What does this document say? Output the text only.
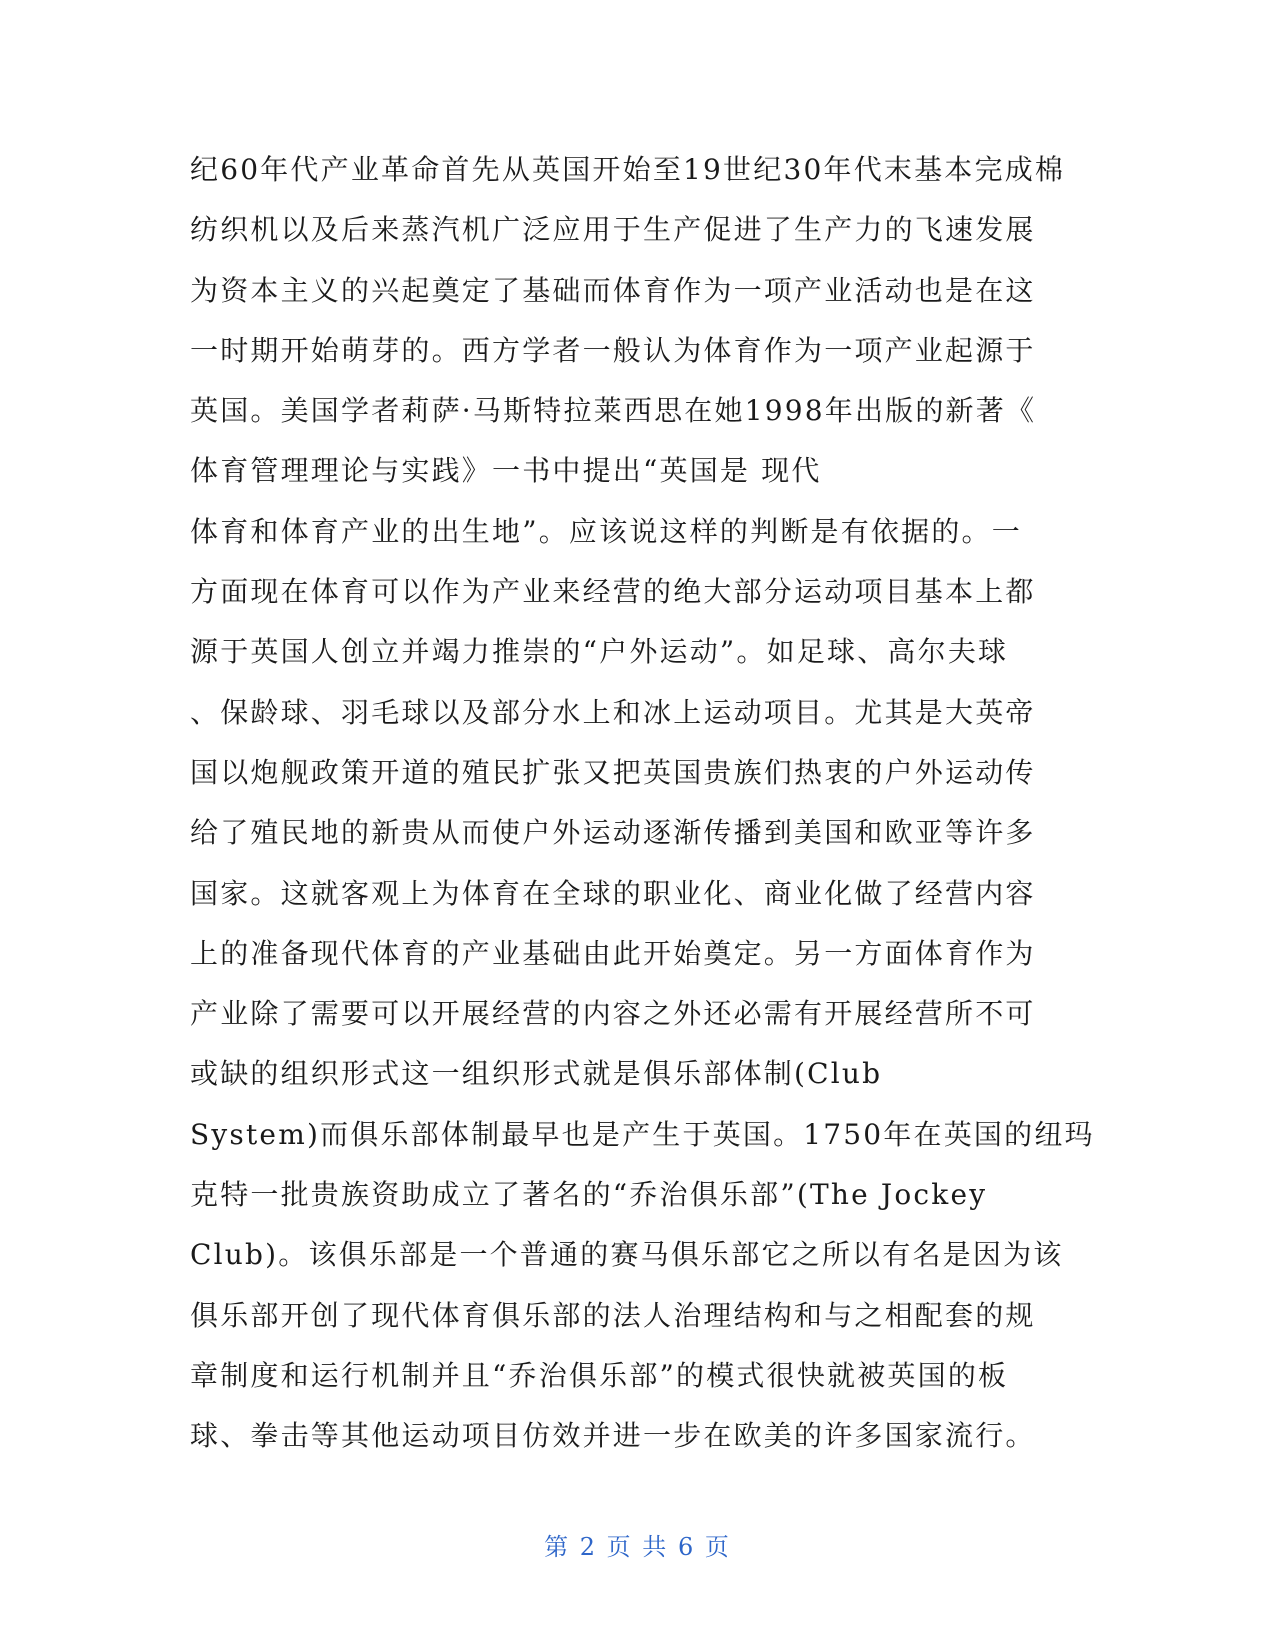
纪60年代产业革命首先从英国开始至19世纪30年代末基本完成棉
纺织机以及后来蒸汽机广泛应用于生产促进了生产力的飞速发展
为资本主义的兴起奠定了基础而体育作为一项产业活动也是在这
一时期开始萌芽的。西方学者一般认为体育作为一项产业起源于
英国。美国学者莉萨·马斯特拉莱西思在她1998年出版的新著《
体育管理理论与实践》一书中提出“英国是 现代
体育和体育产业的出生地”。应该说这样的判断是有依据的。一
方面现在体育可以作为产业来经营的绝大部分运动项目基本上都
源于英国人创立并竭力推崇的“户外运动”。如足球、高尔夫球
、保龄球、羽毛球以及部分水上和冰上运动项目。尤其是大英帝
国以炮舰政策开道的殖民扩张又把英国贵族们热衷的户外运动传
给了殖民地的新贵从而使户外运动逐渐传播到美国和欧亚等许多
国家。这就客观上为体育在全球的职业化、商业化做了经营内容
上的准备现代体育的产业基础由此开始奠定。另一方面体育作为
产业除了需要可以开展经营的内容之外还必需有开展经营所不可
或缺的组织形式这一组织形式就是俱乐部体制(Club
System)而俱乐部体制最早也是产生于英国。1750年在英国的纽玛
克特一批贵族资助成立了著名的“乔治俱乐部”(The Jockey
Club)。该俱乐部是一个普通的赛马俱乐部它之所以有名是因为该
俱乐部开创了现代体育俱乐部的法人治理结构和与之相配套的规
章制度和运行机制并且“乔治俱乐部”的模式很快就被英国的板
球、拳击等其他运动项目仿效并进一步在欧美的许多国家流行。
第 2 页 共 6 页
